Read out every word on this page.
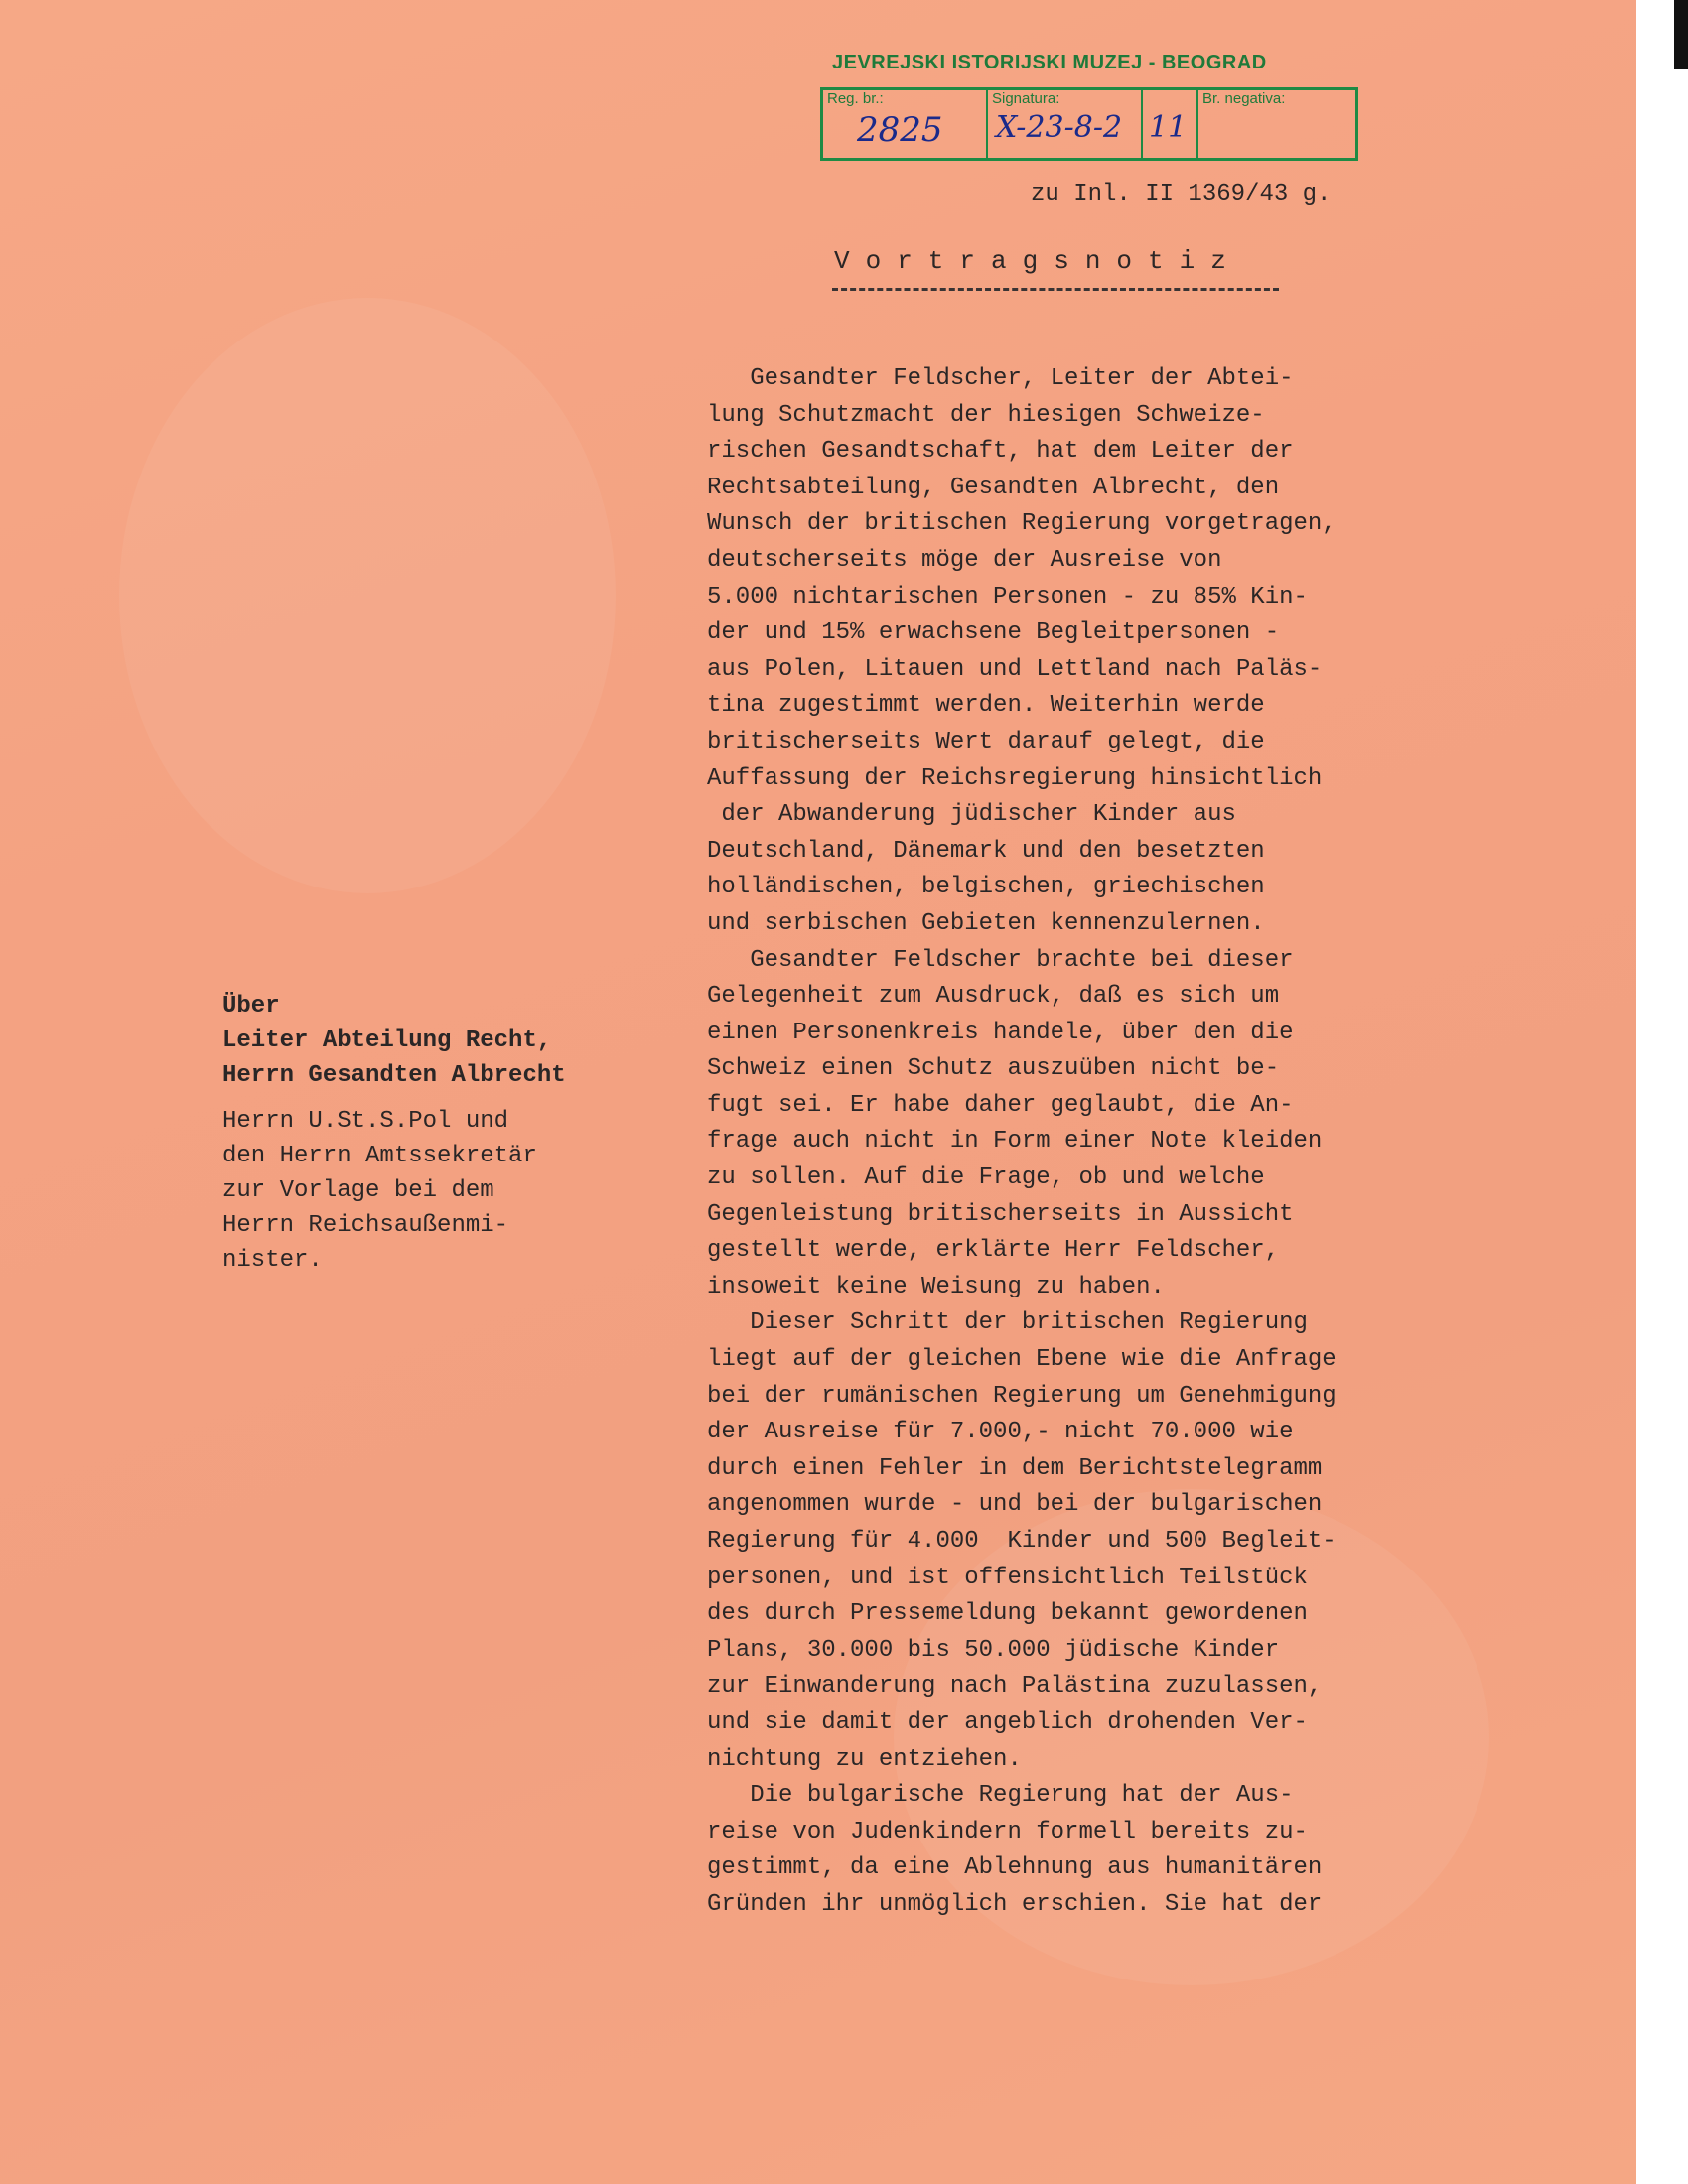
JEVREJSKI ISTORIJSKI MUZEJ - BEOGRAD
Reg. br.:
2825
Signatura:
X-23-8-2 11
Br. negativa:
zu Inl. II 1369/43 g.
Vortragsnotiz
Gesandter Feldscher, Leiter der Abtei-
lung Schutzmacht der hiesigen Schweize-
rischen Gesandtschaft, hat dem Leiter der
Rechtsabteilung, Gesandten Albrecht, den
Wunsch der britischen Regierung vorgetragen,
deutscherseits möge der Ausreise von
5.000 nichtarischen Personen - zu 85% Kin-
der und 15% erwachsene Begleitpersonen -
aus Polen, Litauen und Lettland nach Paläs-
tina zugestimmt werden. Weiterhin werde
britischerseits Wert darauf gelegt, die
Auffassung der Reichsregierung hinsichtlich
der Abwanderung jüdischer Kinder aus
Deutschland, Dänemark und den besetzten
holländischen, belgischen, griechischen
und serbischen Gebieten kennenzulernen.
Gesandter Feldscher brachte bei dieser
Gelegenheit zum Ausdruck, daß es sich um
einen Personenkreis handele, über den die
Schweiz einen Schutz auszuüben nicht be-
fugt sei. Er habe daher geglaubt, die An-
frage auch nicht in Form einer Note kleiden
zu sollen. Auf die Frage, ob und welche
Gegenleistung britischerseits in Aussicht
gestellt werde, erklärte Herr Feldscher,
insoweit keine Weisung zu haben.
Dieser Schritt der britischen Regierung
liegt auf der gleichen Ebene wie die Anfrage
bei der rumänischen Regierung um Genehmigung
der Ausreise für 7.000,- nicht 70.000 wie
durch einen Fehler in dem Berichtstelegramm
angenommen wurde - und bei der bulgarischen
Regierung für 4.000  Kinder und 500 Begleit-
personen, und ist offensichtlich Teilstück
des durch Pressemeldung bekannt gewordenen
Plans, 30.000 bis 50.000 jüdische Kinder
zur Einwanderung nach Palästina zuzulassen,
und sie damit der angeblich drohenden Ver-
nichtung zu entziehen.
Die bulgarische Regierung hat der Aus-
reise von Judenkindern formell bereits zu-
gestimmt, da eine Ablehnung aus humanitären
Gründen ihr unmöglich erschien. Sie hat der
Über
Leiter Abteilung Recht,
Herrn Gesandten Albrecht
Herrn U.St.S.Pol und
den Herrn Amtssekretär
zur Vorlage bei dem
Herrn Reichsaußenmi-
nister.
